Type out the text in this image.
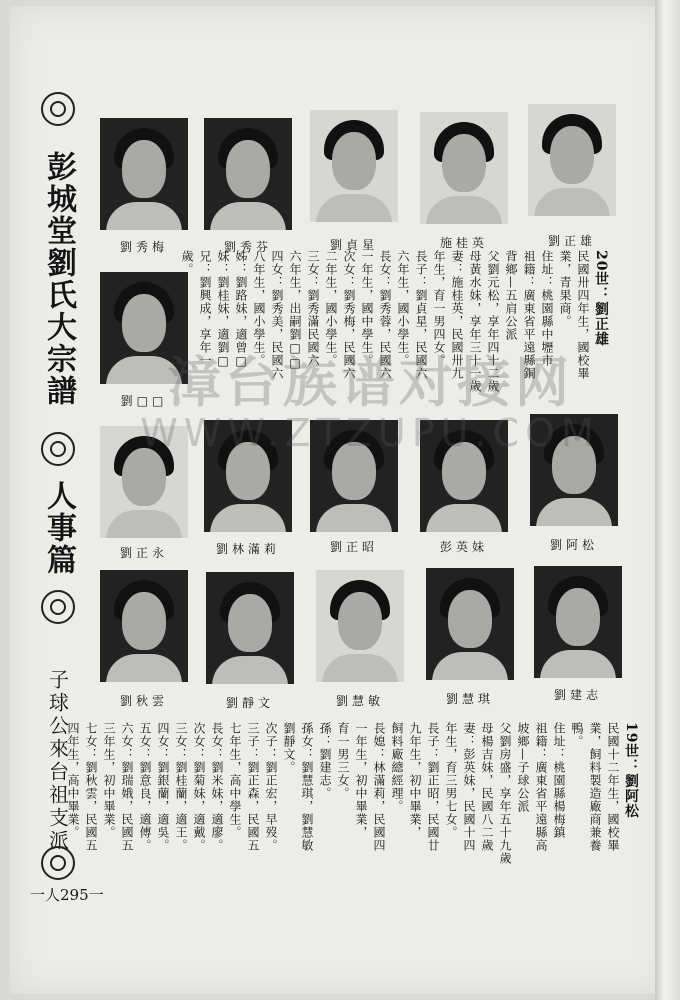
彭城堂劉氏大宗譜
人事篇
子球公來台祖支派
一人295一
劉秀梅	劉秀芬	劉貞星	施桂英	劉正雄
劉□□

20世：劉正雄

民國卅四年生，國校畢

業，青果商。

住址：桃園縣中壢市

祖籍：廣東省平遠縣銅

背鄉—五肩公派

父劉元松，享年四十二歲

母黃水妹，享年三十一歲

妻：施桂英，民國卅九

年生，育一男四女。

長子：劉貞星，民國六

六年生，國小學生。

長女：劉秀蓉，民國六

一年生，國中學生。

次女：劉秀梅，民國六

二年生，國小學生。

三女：劉秀滿民國六

六年生，出嗣劉□□

四女：劉秀美，民國六

八年生，國小學生。

姊：劉路妹，適曾□

妹：劉桂妹，適劉□

兄：劉興成，享年一

歲。

劉正永	劉林滿莉	劉正昭	彭英妹	劉阿松
劉秋雲	劉靜文	劉慧敏	劉慧琪	劉建志

19世：劉阿松

民國十二年生，國校畢

業，飼料製造廠商兼養

鴨。

住址：桃園縣楊梅鎮

祖籍：廣東省平遠縣高

坡鄉—子球公派

父劉房盛，享年五十九歲

母楊吉妹，民國八二歲

妻：彭英妹，民國十四

年生，育三男七女。

長子：劉正昭，民國廿

九年生，初中畢業，

飼料廠總經理。

長媳：林滿莉，民國四

一年生，初中畢業，

育一男三女。

孫：劉建志。

孫女：劉慧琪，劉慧敏

劉靜文。

次子：劉正宏，早歿。

三子：劉正森，民國五

七年生，高中學生。

長女：劉米妹，適廖。

次女：劉菊妹，適戴。

三女：劉桂蘭，適王。

四女：劉銀蘭，適吳。

五女：劉意良，適傅。

六女：劉瑞娥，民國五

三年生，初中畢業。

七女：劉秋雲，民國五

四年生，高中畢業。

漳台族谱对接网
WWW.ZTZUPU.COM
